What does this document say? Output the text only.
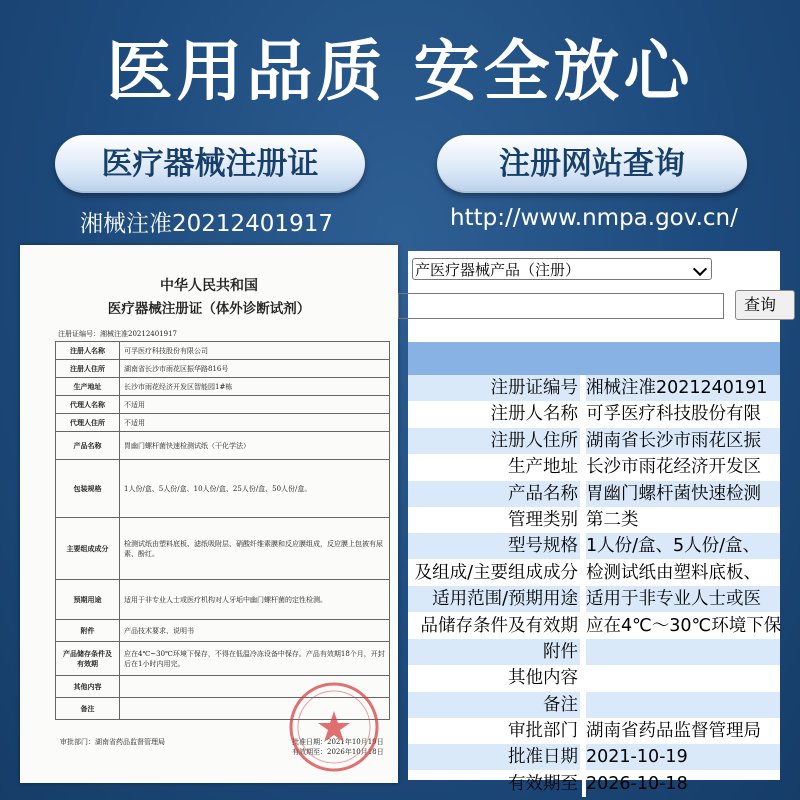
医用品质 安全放心
医疗器械注册证	注册网站查询
湘械注准20212401917	http://www.nmpa.gov.cn/
中华人民共和国
医疗器械注册证（体外诊断试剂）
注册证编号：湘械注准20212401917
注册人名称	可孚医疗科技股份有限公司
注册人住所	湖南省长沙市雨花区振华路816号
生产地址	长沙市雨花经济开发区智能园1#栋
代理人名称	不适用
代理人住所	不适用
产品名称	胃幽门螺杆菌快速检测试纸（干化学法）
包装规格	1人份/盒、5人份/盒、10人份/盒、25人份/盒、50人份/盒。
主要组成成分	检测试纸由塑料底板、滤纸吸附层、硝酸纤维素膜和反应膜组成，反应膜上包被有尿素、酚红。
预期用途	适用于非专业人士或医疗机构对人牙垢中幽门螺杆菌的定性检测。
附件	产品技术要求、说明书
产品储存条件及有效期	应在4℃~30℃环境下保存，不得在低温冷冻设备中保存。产品有效期18个月，开封后在1小时内用完。
其他内容	
备注	
审批部门：湖南省药品监督管理局	批准日期：2021年10月19日
有效期至：2026年10月18日
产医疗器械产品（注册）
查询
注册证编号 湘械注准2021240191
注册人名称 可孚医疗科技股份有限
注册人住所 湖南省长沙市雨花区振
生产地址 长沙市雨花经济开发区
产品名称 胃幽门螺杆菌快速检测
管理类别 第二类
型号规格 1人份/盒、5人份/盒、
及组成/主要组成成分 检测试纸由塑料底板、
适用范围/预期用途 适用于非专业人士或医
品储存条件及有效期 应在4℃～30℃环境下保
附件
其他内容
备注
审批部门 湖南省药品监督管理局
批准日期 2021-10-19
有效期至 2026-10-18
